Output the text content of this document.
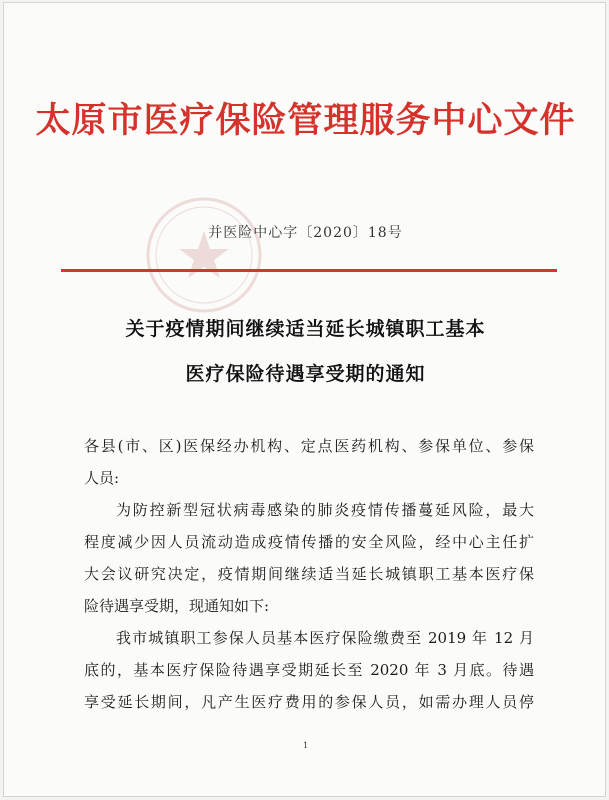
太原市医疗保险管理服务中心文件
并医险中心字〔2020〕18号
关于疫情期间继续适当延长城镇职工基本
医疗保险待遇享受期的通知
各县(市、区)医保经办机构、定点医药机构、参保单位、参保
人员:
为防控新型冠状病毒感染的肺炎疫情传播蔓延风险，最大
程度减少因人员流动造成疫情传播的安全风险，经中心主任扩
大会议研究决定，疫情期间继续适当延长城镇职工基本医疗保
险待遇享受期，现通知如下:
我市城镇职工参保人员基本医疗保险缴费至 2019 年 12 月
底的，基本医疗保险待遇享受期延长至 2020 年 3 月底。待遇
享受延长期间，凡产生医疗费用的参保人员，如需办理人员停
1
